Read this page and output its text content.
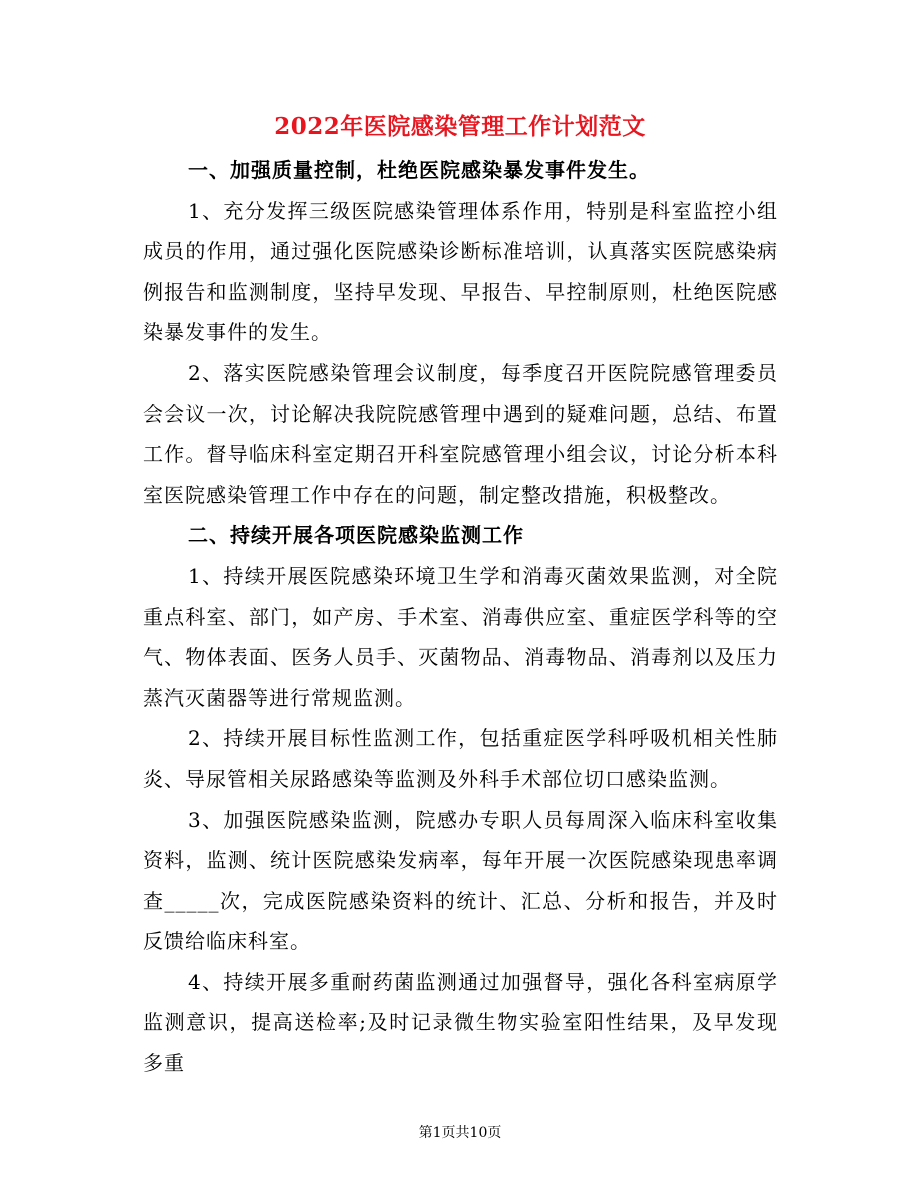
2022年医院感染管理工作计划范文

一、加强质量控制，杜绝医院感染暴发事件发生。

1、充分发挥三级医院感染管理体系作用，特别是科室监控小组成员的作用，通过强化医院感染诊断标准培训，认真落实医院感染病例报告和监测制度，坚持早发现、早报告、早控制原则，杜绝医院感染暴发事件的发生。

2、落实医院感染管理会议制度，每季度召开医院院感管理委员会会议一次，讨论解决我院院感管理中遇到的疑难问题，总结、布置工作。督导临床科室定期召开科室院感管理小组会议，讨论分析本科室医院感染管理工作中存在的问题，制定整改措施，积极整改。

二、持续开展各项医院感染监测工作

1、持续开展医院感染环境卫生学和消毒灭菌效果监测，对全院重点科室、部门，如产房、手术室、消毒供应室、重症医学科等的空气、物体表面、医务人员手、灭菌物品、消毒物品、消毒剂以及压力蒸汽灭菌器等进行常规监测。

2、持续开展目标性监测工作，包括重症医学科呼吸机相关性肺炎、导尿管相关尿路感染等监测及外科手术部位切口感染监测。

3、加强医院感染监测，院感办专职人员每周深入临床科室收集资料，监测、统计医院感染发病率，每年开展一次医院感染现患率调查_____次，完成医院感染资料的统计、汇总、分析和报告，并及时反馈给临床科室。

4、持续开展多重耐药菌监测通过加强督导，强化各科室病原学监测意识，提高送检率;及时记录微生物实验室阳性结果，及早发现多重

第1页共10页
